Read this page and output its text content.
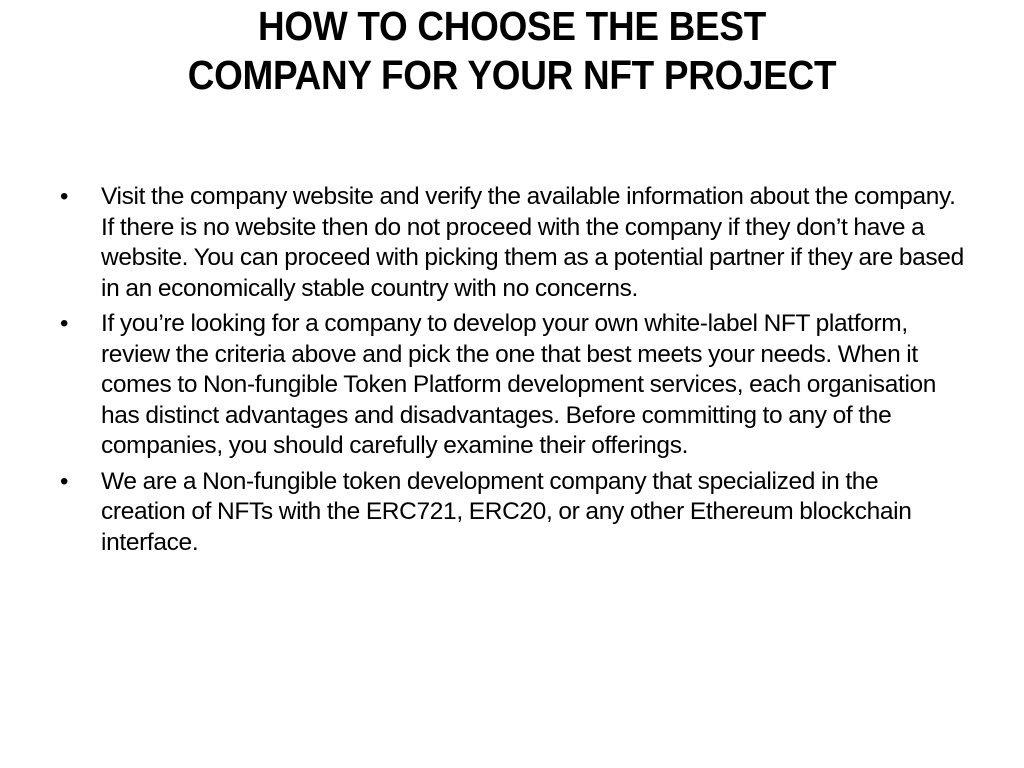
HOW TO CHOOSE THE BEST
COMPANY FOR YOUR NFT PROJECT
•	Visit the company website and verify the available information about the company. If there is no website then do not proceed with the company if they don’t have a website. You can proceed with picking them as a potential partner if they are based in an economically stable country with no concerns.
•	If you’re looking for a company to develop your own white-label NFT platform, review the criteria above and pick the one that best meets your needs. When it comes to Non-fungible Token Platform development services, each organisation has distinct advantages and disadvantages. Before committing to any of the companies, you should carefully examine their offerings.
•	We are a Non-fungible token development company that specialized in the creation of NFTs with the ERC721, ERC20, or any other Ethereum blockchain interface.
